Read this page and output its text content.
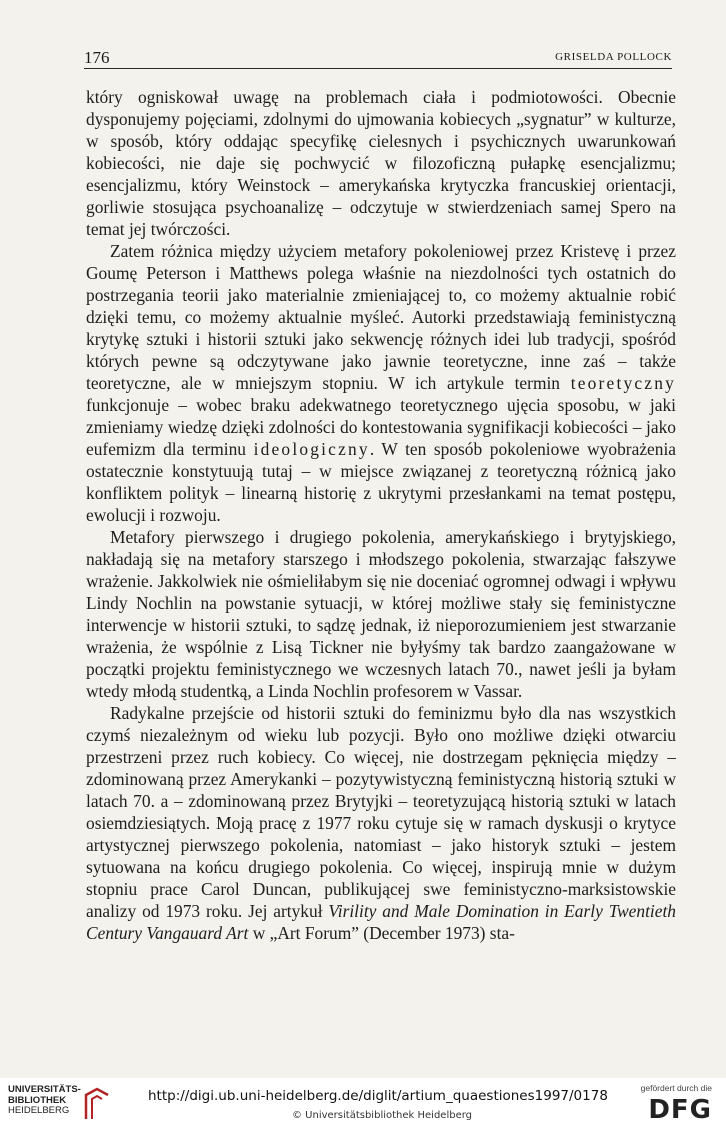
176	GRISELDA POLLOCK

który ogniskował uwagę na problemach ciała i podmiotowości. Obecnie dysponujemy pojęciami, zdolnymi do ujmowania kobiecych „sygnatur” w kulturze, w sposób, który oddając specyfikę cielesnych i psychicznych uwarunkowań kobiecości, nie daje się pochwycić w filozoficzną pułapkę esencjalizmu; esencjalizmu, który Weinstock – amerykańska krytyczka francuskiej orientacji, gorliwie stosująca psychoanalizę – odczytuje w stwierdzeniach samej Spero na temat jej twórczości.

Zatem różnica między użyciem metafory pokoleniowej przez Kristevę i przez Goumę Peterson i Matthews polega właśnie na niezdolności tych ostatnich do postrzegania teorii jako materialnie zmieniającej to, co możemy aktualnie robić dzięki temu, co możemy aktualnie myśleć. Autorki przedstawiają feministyczną krytykę sztuki i historii sztuki jako sekwencję różnych idei lub tradycji, spośród których pewne są odczytywane jako jawnie teoretyczne, inne zaś – także teoretyczne, ale w mniejszym stopniu. W ich artykule termin teoretyczny funkcjonuje – wobec braku adekwatnego teoretycznego ujęcia sposobu, w jaki zmieniamy wiedzę dzięki zdolności do kontestowania sygnifikacji kobiecości – jako eufemizm dla terminu ideologiczny. W ten sposób pokoleniowe wyobrażenia ostatecznie konstytuują tutaj – w miejsce związanej z teoretyczną różnicą jako konfliktem polityk – linearną historię z ukrytymi przesłankami na temat postępu, ewolucji i rozwoju.

Metafory pierwszego i drugiego pokolenia, amerykańskiego i brytyjskiego, nakładają się na metafory starszego i młodszego pokolenia, stwarzając fałszywe wrażenie. Jakkolwiek nie ośmieliłabym się nie doceniać ogromnej odwagi i wpływu Lindy Nochlin na powstanie sytuacji, w której możliwe stały się feministyczne interwencje w historii sztuki, to sądzę jednak, iż nieporozumieniem jest stwarzanie wrażenia, że wspólnie z Lisą Tickner nie byłyśmy tak bardzo zaangażowane w początki projektu feministycznego we wczesnych latach 70., nawet jeśli ja byłam wtedy młodą studentką, a Linda Nochlin profesorem w Vassar.

Radykalne przejście od historii sztuki do feminizmu było dla nas wszystkich czymś niezależnym od wieku lub pozycji. Było ono możliwe dzięki otwarciu przestrzeni przez ruch kobiecy. Co więcej, nie dostrzegam pęknięcia między – zdominowaną przez Amerykanki – pozytywistyczną feministyczną historią sztuki w latach 70. a – zdominowaną przez Brytyjki – teoretyzującą historią sztuki w latach osiemdziesiątych. Moją pracę z 1977 roku cytuje się w ramach dyskusji o krytyce artystycznej pierwszego pokolenia, natomiast – jako historyk sztuki – jestem sytuowana na końcu drugiego pokolenia. Co więcej, inspirują mnie w dużym stopniu prace Carol Duncan, publikującej swe feministyczno-marksistowskie analizy od 1973 roku. Jej artykuł Virility and Male Domination in Early Twentieth Century Vangauard Art w „Art Forum” (December 1973) sta-

UNIVERSITÄTS-
BIBLIOTHEK
HEIDELBERG
http://digi.ub.uni-heidelberg.de/diglit/artium_quaestiones1997/0178
© Universitätsbibliothek Heidelberg
gefördert durch die
DFG
